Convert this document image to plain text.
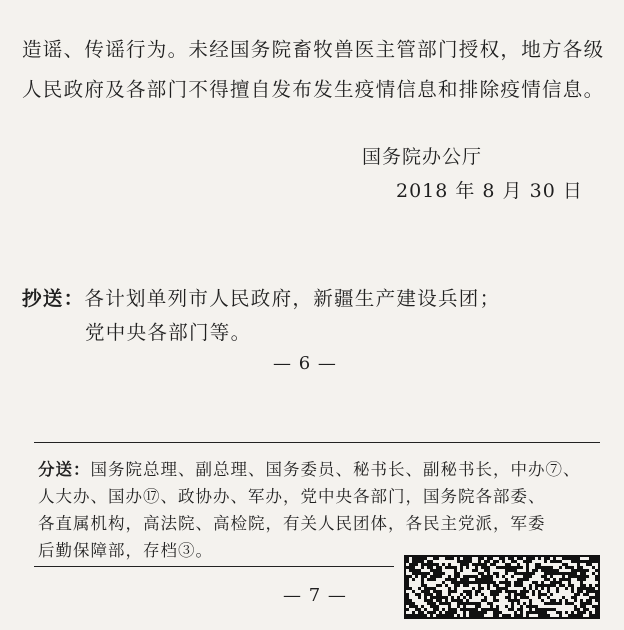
造谣、传谣行为。未经国务院畜牧兽医主管部门授权，地方各级
人民政府及各部门不得擅自发布发生疫情信息和排除疫情信息。
国务院办公厅
2018 年 8 月 30 日
抄送：各计划单列市人民政府，新疆生产建设兵团；
党中央各部门等。
— 6 —
分送：国务院总理、副总理、国务委员、秘书长、副秘书长，中办⑦、
人大办、国办⑰、政协办、军办，党中央各部门，国务院各部委、
各直属机构，高法院、高检院，有关人民团体，各民主党派，军委
后勤保障部，存档③。
— 7 —
